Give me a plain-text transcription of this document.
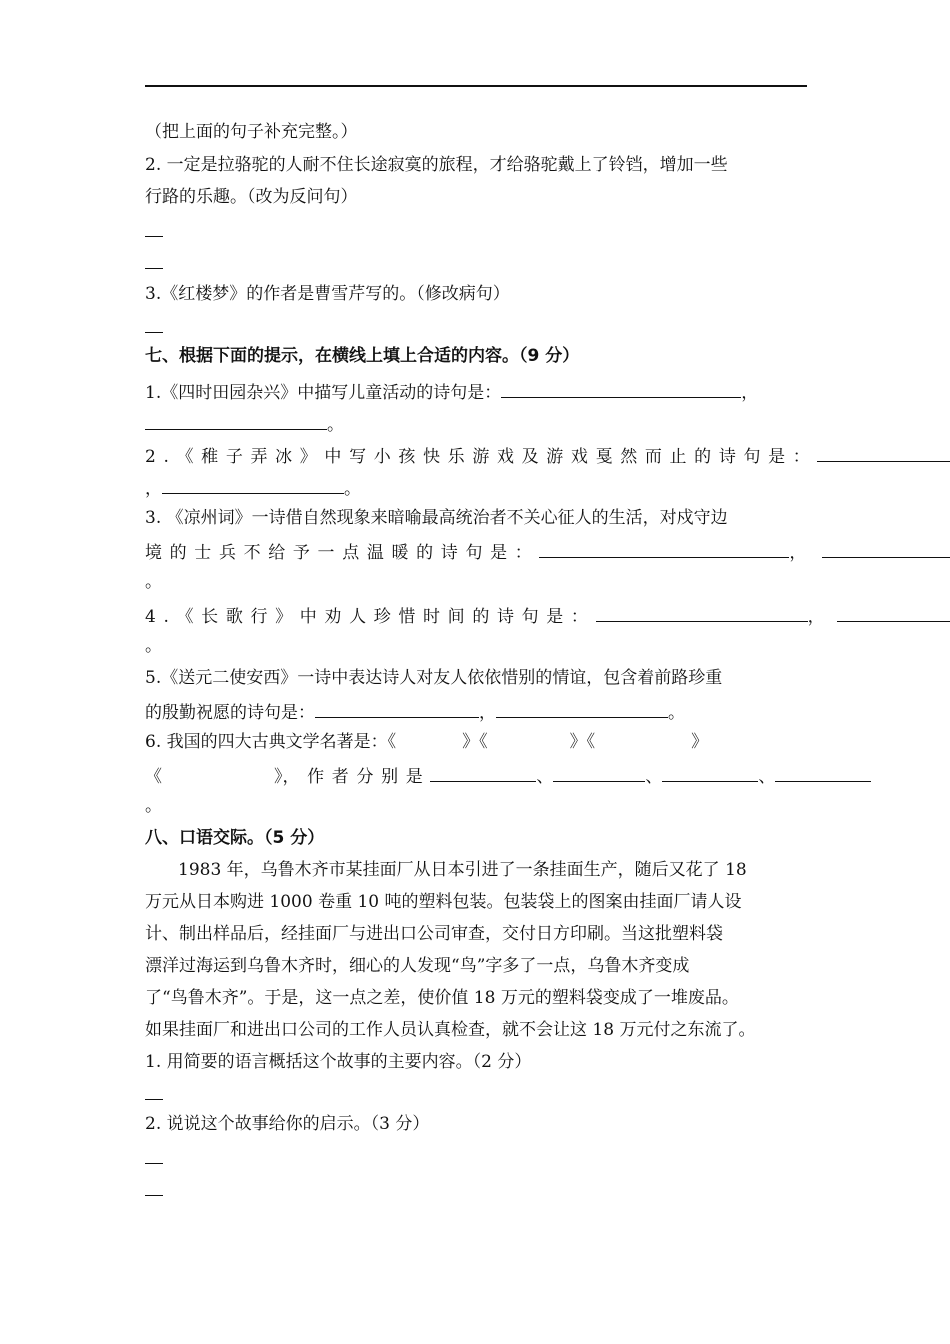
（把上面的句子补充完整。）
2. 一定是拉骆驼的人耐不住长途寂寞的旅程，才给骆驼戴上了铃铛，增加一些
行路的乐趣。（改为反问句）
3.《红楼梦》的作者是曹雪芹写的。（修改病句）
七、根据下面的提示，在横线上填上合适的内容。（9 分）
1.《四时田园杂兴》中描写儿童活动的诗句是：	，
。
2.《稚子弄冰》中写小孩快乐游戏及游戏戛然而止的诗句是：
，	。
3. 《凉州词》一诗借自然现象来暗喻最高统治者不关心征人的生活，对戍守边
境的士兵不给予一点温暖的诗句是：	，
。
4.《长歌行》中劝人珍惜时间的诗句是：	，
。
5.《送元二使安西》一诗中表达诗人对友人依依惜别的情谊，包含着前路珍重
的殷勤祝愿的诗句是：	，	。
6. 我国的四大古典文学名著是：《	》《	》《	》
《	》，作者分别是	、	、	、
。
八、口语交际。（5 分）
1983 年，乌鲁木齐市某挂面厂从日本引进了一条挂面生产，随后又花了 18
万元从日本购进 1000 卷重 10 吨的塑料包装。包装袋上的图案由挂面厂请人设
计、制出样品后，经挂面厂与进出口公司审查，交付日方印刷。当这批塑料袋
漂洋过海运到乌鲁木齐时，细心的人发现“鸟”字多了一点，乌鲁木齐变成
了“鸟鲁木齐”。于是，这一点之差，使价值 18 万元的塑料袋变成了一堆废品。
如果挂面厂和进出口公司的工作人员认真检查，就不会让这 18 万元付之东流了。
1. 用简要的语言概括这个故事的主要内容。（2 分）
2. 说说这个故事给你的启示。（3 分）
